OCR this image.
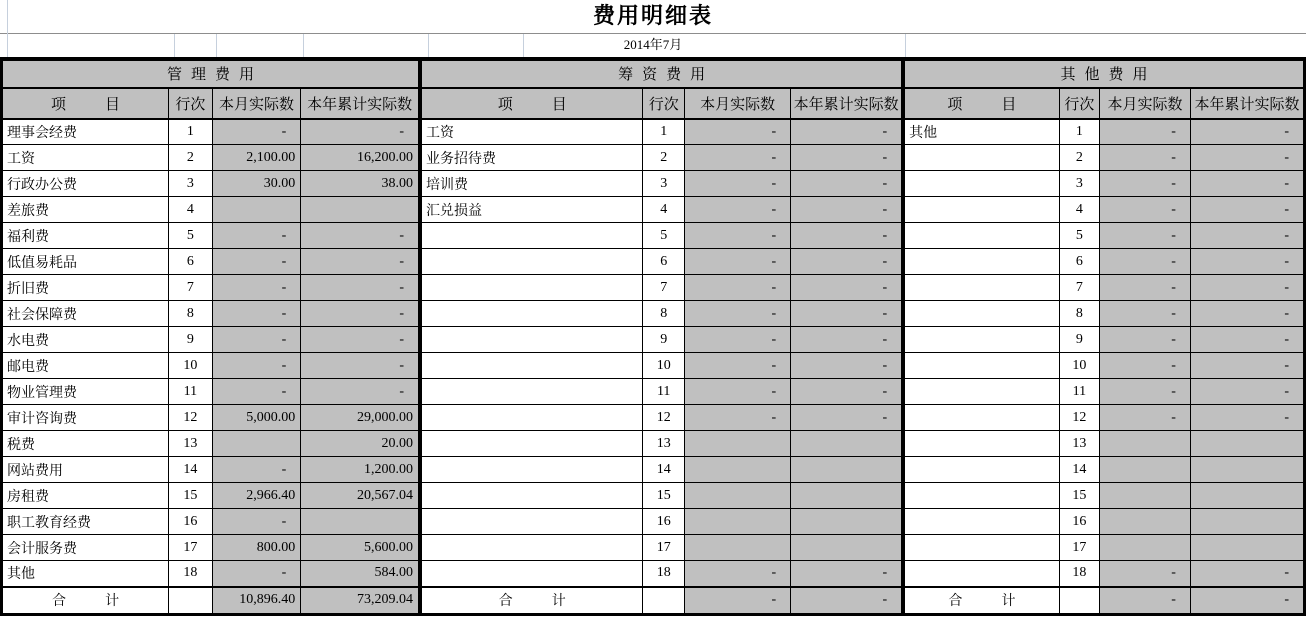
费用明细表
2014年7月
管理费用			
项目	行次	本月实际数	本年累计实际数
理事会经费	1	-	-
工资	2	2,100.00	16,200.00
行政办公费	3	30.00	38.00
差旅费	4		
福利费	5	-	-
低值易耗品	6	-	-
折旧费	7	-	-
社会保障费	8	-	-
水电费	9	-	-
邮电费	10	-	-
物业管理费	11	-	-
审计咨询费	12	5,000.00	29,000.00
税费	13		20.00
网站费用	14	-	1,200.00
房租费	15	2,966.40	20,567.04
职工教育经费	16	-	
会计服务费	17	800.00	5,600.00
其他	18	-	584.00
合计		10,896.40	73,209.04
筹资费用			
项目	行次	本月实际数	本年累计实际数
工资	1	-	-
业务招待费	2	-	-
培训费	3	-	-
汇兑损益	4	-	-
	5	-	-
	6	-	-
	7	-	-
	8	-	-
	9	-	-
	10	-	-
	11	-	-
	12	-	-
	13		
	14		
	15		
	16		
	17		
	18	-	-
合计		-	-
其他费用			
项目	行次	本月实际数	本年累计实际数
其他	1	-	-
	2	-	-
	3	-	-
	4	-	-
	5	-	-
	6	-	-
	7	-	-
	8	-	-
	9	-	-
	10	-	-
	11	-	-
	12	-	-
	13		
	14		
	15		
	16		
	17		
	18	-	-
合计		-	-
